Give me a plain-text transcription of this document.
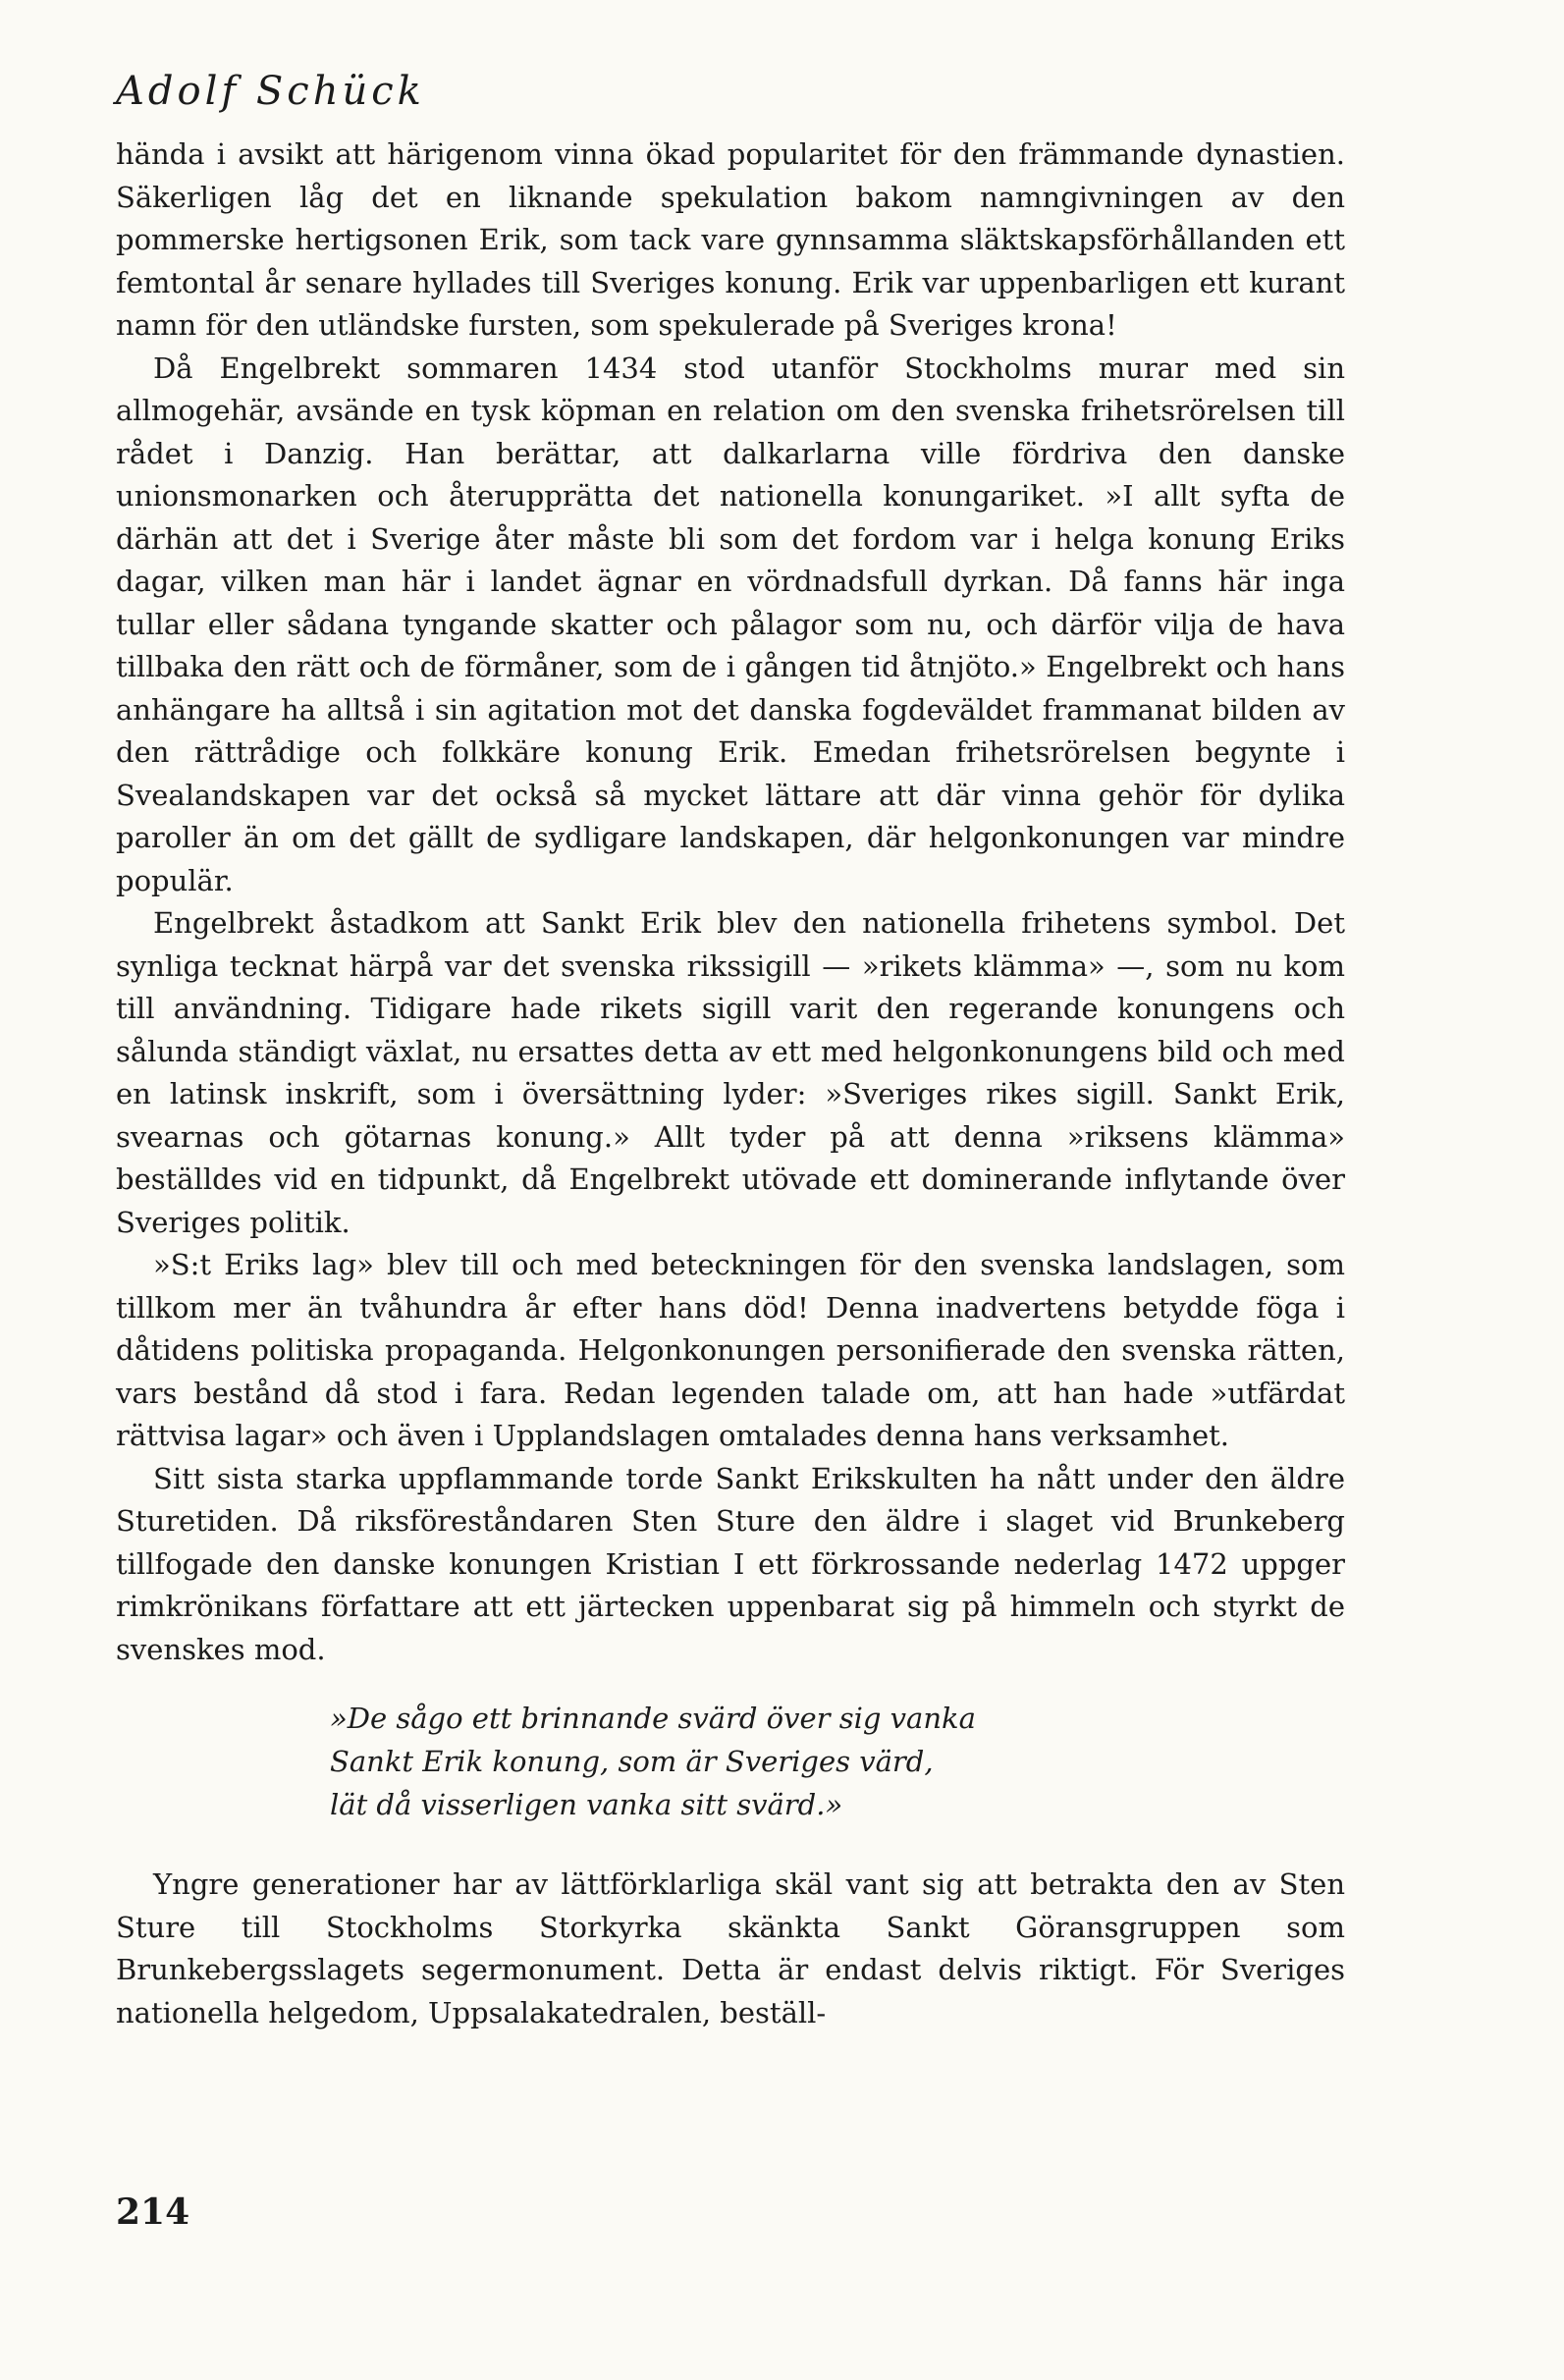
Adolf Schück

hända i avsikt att härigenom vinna ökad popularitet för den främmande dynastien. Säkerligen låg det en liknande spekulation bakom namngivningen av den pommerske hertigsonen Erik, som tack vare gynnsamma släktskapsförhållanden ett femtontal år senare hyllades till Sveriges konung. Erik var uppenbarligen ett kurant namn för den utländske fursten, som spekulerade på Sveriges krona!

Då Engelbrekt sommaren 1434 stod utanför Stockholms murar med sin allmogehär, avsände en tysk köpman en relation om den svenska frihetsrörelsen till rådet i Danzig. Han berättar, att dalkarlarna ville fördriva den danske unionsmonarken och återupprätta det nationella konungariket. »I allt syfta de därhän att det i Sverige åter måste bli som det fordom var i helga konung Eriks dagar, vilken man här i landet ägnar en vördnadsfull dyrkan. Då fanns här inga tullar eller sådana tyngande skatter och pålagor som nu, och därför vilja de hava tillbaka den rätt och de förmåner, som de i gången tid åtnjöto.» Engelbrekt och hans anhängare ha alltså i sin agitation mot det danska fogdeväldet frammanat bilden av den rättrådige och folkkäre konung Erik. Emedan frihetsrörelsen begynte i Svealandskapen var det också så mycket lättare att där vinna gehör för dylika paroller än om det gällt de sydligare landskapen, där helgonkonungen var mindre populär.

Engelbrekt åstadkom att Sankt Erik blev den nationella frihetens symbol. Det synliga tecknat härpå var det svenska rikssigill — »rikets klämma» —, som nu kom till användning. Tidigare hade rikets sigill varit den regerande konungens och sålunda ständigt växlat, nu ersattes detta av ett med helgonkonungens bild och med en latinsk inskrift, som i översättning lyder: »Sveriges rikes sigill. Sankt Erik, svearnas och götarnas konung.» Allt tyder på att denna »riksens klämma» beställdes vid en tidpunkt, då Engelbrekt utövade ett dominerande inflytande över Sveriges politik.

»S:t Eriks lag» blev till och med beteckningen för den svenska landslagen, som tillkom mer än tvåhundra år efter hans död! Denna inadvertens betydde föga i dåtidens politiska propaganda. Helgonkonungen personifierade den svenska rätten, vars bestånd då stod i fara. Redan legenden talade om, att han hade »utfärdat rättvisa lagar» och även i Upplandslagen omtalades denna hans verksamhet.

Sitt sista starka uppflammande torde Sankt Erikskulten ha nått under den äldre Sturetiden. Då riksföreståndaren Sten Sture den äldre i slaget vid Brunkeberg tillfogade den danske konungen Kristian I ett förkrossande nederlag 1472 uppger rimkrönikans författare att ett järtecken uppenbarat sig på himmeln och styrkt de svenskes mod.

»De sågo ett brinnande svärd över sig vanka
Sankt Erik konung, som är Sveriges värd,
lät då visserligen vanka sitt svärd.»

Yngre generationer har av lättförklarliga skäl vant sig att betrakta den av Sten Sture till Stockholms Storkyrka skänkta Sankt Göransgruppen som Brunkebergsslagets segermonument. Detta är endast delvis riktigt. För Sveriges nationella helgedom, Uppsalakatedralen, beställ-

214
